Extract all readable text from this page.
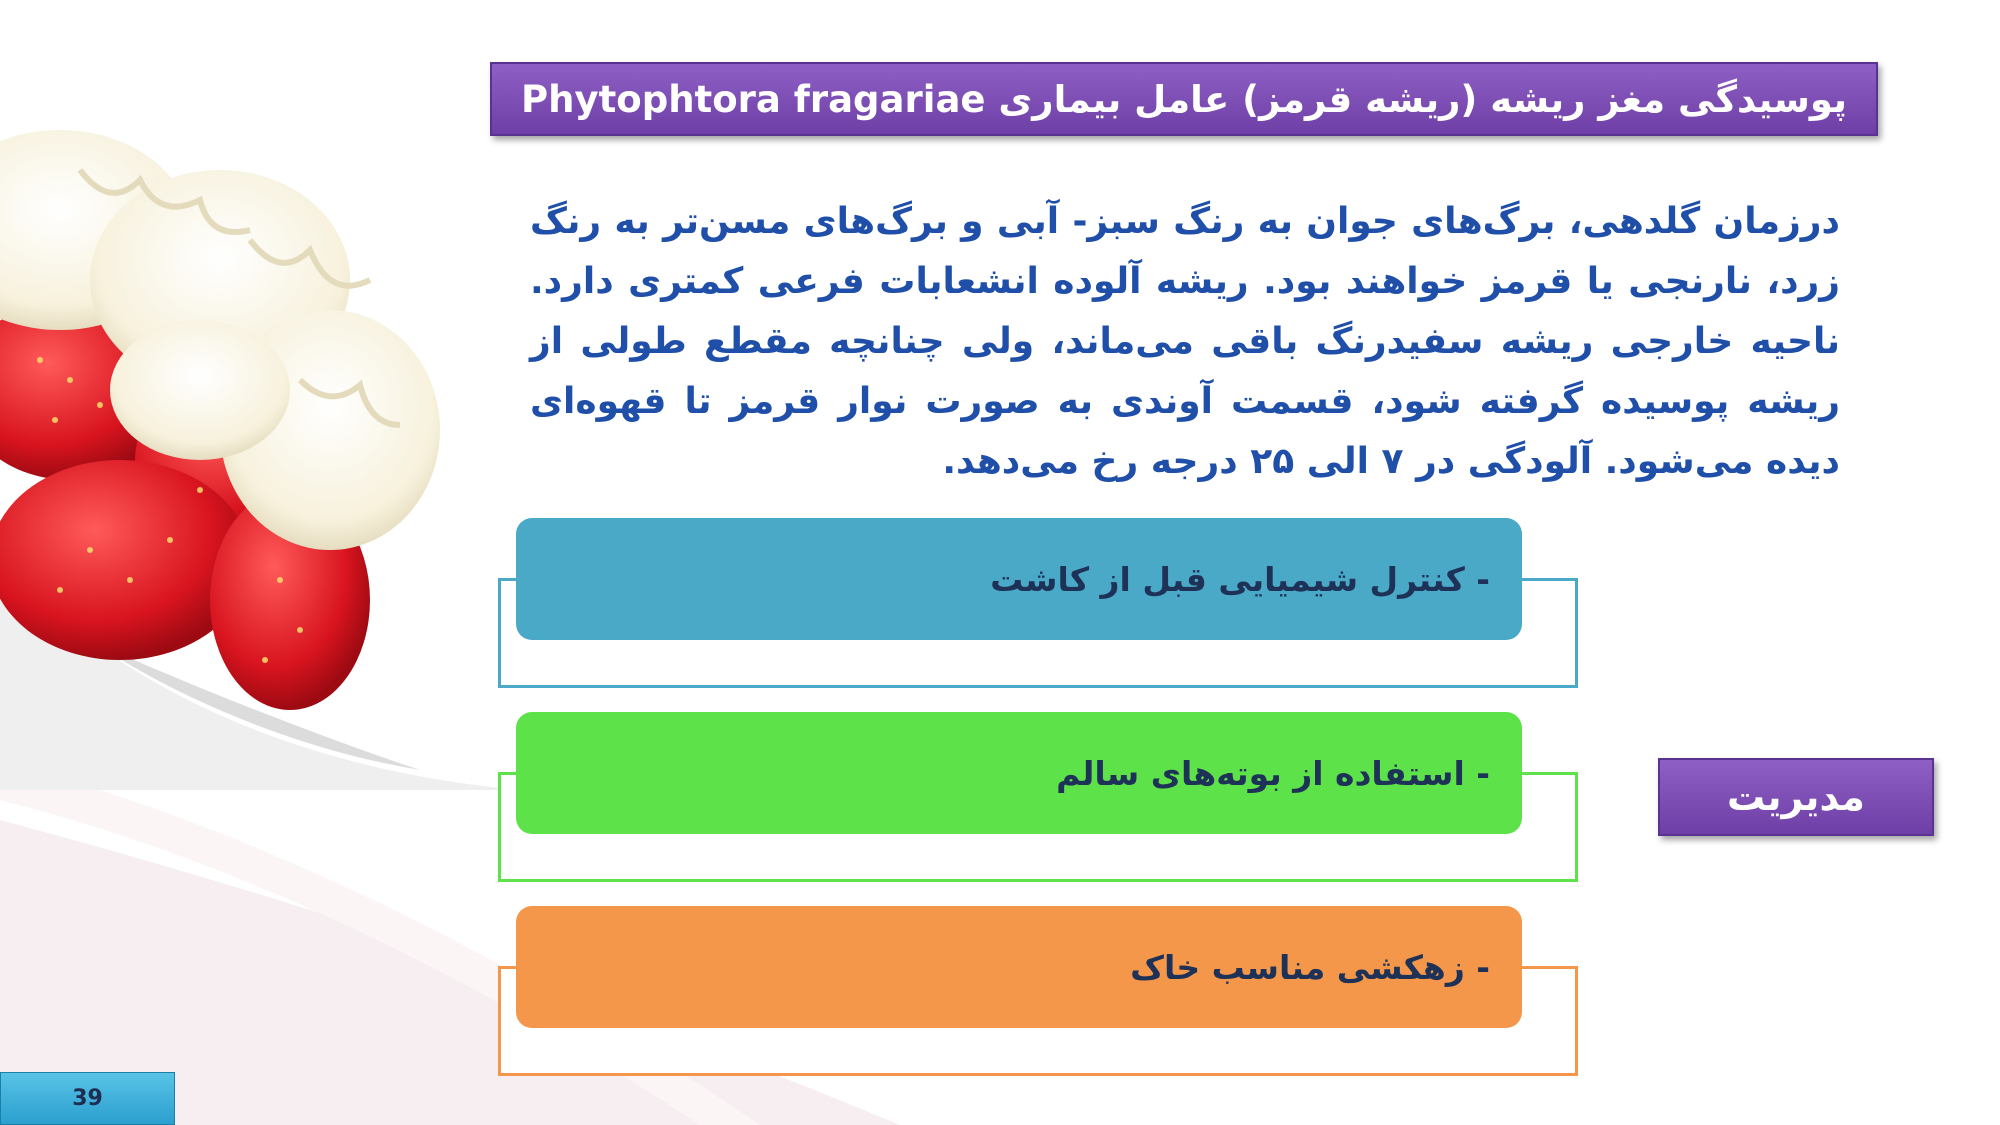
پوسیدگی مغز ریشه (ریشه قرمز) عامل بیماری Phytophtora fragariae
درزمان گلدهی، برگ‌های جوان به رنگ سبز- آبی و برگ‌های مسن‌تر به رنگ زرد، نارنجی یا قرمز خواهند بود. ریشه آلوده انشعابات فرعی کمتری دارد. ناحیه خارجی ریشه سفیدرنگ باقی می‌ماند، ولی چنانچه مقطع طولی از ریشه پوسیده گرفته شود، قسمت آوندی به صورت نوار قرمز تا قهوه‌ای دیده می‌شود. آلودگی در ۷ الی ۲۵ درجه رخ می‌دهد.
- کنترل شیمیایی قبل از کاشت
- استفاده از بوته‌های سالم
- زهکشی مناسب خاک
مدیریت
39
